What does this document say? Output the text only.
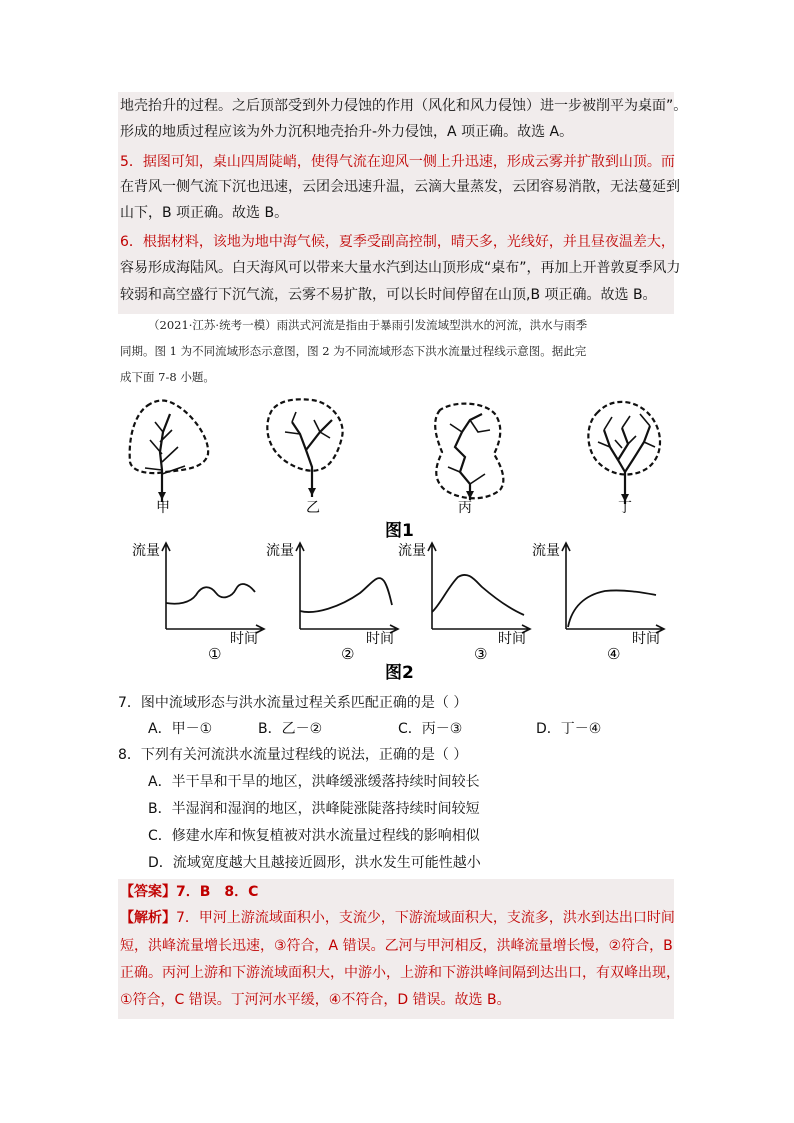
地壳抬升的过程。之后顶部受到外力侵蚀的作用（风化和风力侵蚀）进一步被削平为桌面”。
形成的地质过程应该为外力沉积地壳抬升-外力侵蚀，A 项正确。故选 A。
5．据图可知，桌山四周陡峭，使得气流在迎风一侧上升迅速，形成云雾并扩散到山顶。而
在背风一侧气流下沉也迅速，云团会迅速升温，云滴大量蒸发，云团容易消散，无法蔓延到
山下，B 项正确。故选 B。
6．根据材料，该地为地中海气候，夏季受副高控制，晴天多，光线好，并且昼夜温差大，
容易形成海陆风。白天海风可以带来大量水汽到达山顶形成“桌布”，再加上开普敦夏季风力
较弱和高空盛行下沉气流，云雾不易扩散，可以长时间停留在山顶,B 项正确。故选 B。
（2021·江苏·统考一模）雨洪式河流是指由于暴雨引发流域型洪水的河流，洪水与雨季
同期。图 1 为不同流域形态示意图，图 2 为不同流域形态下洪水流量过程线示意图。据此完
成下面 7-8 小题。
甲	乙	丙	丁
图1
流量	流量	流量	流量
时间	时间	时间	时间
①	②	③	④
图2
7．图中流域形态与洪水流量过程关系匹配正确的是（ ）
A．甲－①	B．乙－②	C．丙－③	D．丁－④
8．下列有关河流洪水流量过程线的说法，正确的是（ ）
A．半干旱和干旱的地区，洪峰缓涨缓落持续时间较长
B．半湿润和湿润的地区，洪峰陡涨陡落持续时间较短
C．修建水库和恢复植被对洪水流量过程线的影响相似
D．流域宽度越大且越接近圆形，洪水发生可能性越小
【答案】7．B　8．C
【解析】7．甲河上游流域面积小，支流少，下游流域面积大，支流多，洪水到达出口时间
短，洪峰流量增长迅速，③符合，A 错误。乙河与甲河相反，洪峰流量增长慢，②符合，B
正确。丙河上游和下游流域面积大，中游小，上游和下游洪峰间隔到达出口，有双峰出现，
①符合，C 错误。丁河河水平缓，④不符合，D 错误。故选 B。
